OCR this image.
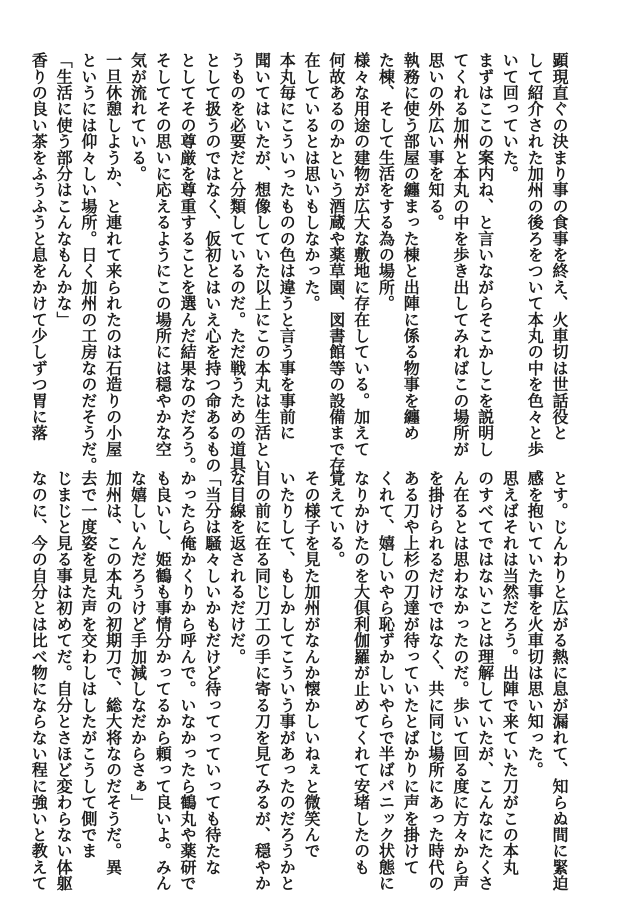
顕現直ぐの決まり事の食事を終え、火車切は世話役と

して紹介された加州の後ろをついて本丸の中を色々と歩

いて回っていた。

まずはここの案内ね、と言いながらそこかしこを説明し

てくれる加州と本丸の中を歩き出してみればこの場所が

思いの外広い事を知る。

執務に使う部屋の纏まった棟と出陣に係る物事を纏め

た棟、そして生活をする為の場所。

様々な用途の建物が広大な敷地に存在している。加えて

何故あるのかという酒蔵や薬草園、図書館等の設備まで存

在しているとは思いもしなかった。

本丸毎にこういったものの色は違うと言う事を事前に

聞いてはいたが、想像していた以上にこの本丸は生活とい

うものを必要だと分類しているのだ。ただ戦うための道具

として扱うのではなく、仮初とはいえ心を持つ命あるもの

としてその尊厳を尊重することを選んだ結果なのだろう。

そしてその思いに応えるようにこの場所には穏やかな空

気が流れている。

一旦休憩しようか、と連れて来られたのは石造りの小屋

というには仰々しい場所。日く加州の工房なのだそうだ。

「生活に使う部分はこんなもんかな」

香りの良い茶をふうふうと息をかけて少しずつ胃に落

とす。じんわりと広がる熱に息が漏れて、知らぬ間に緊迫

感を抱いていた事を火車切は思い知った。

思えばそれは当然だろう。出陣で来ていた刀がこの本丸

のすべてではないことは理解していたが、こんなにたくさ

ん在るとは思わなかったのだ。歩いて回る度に方々から声

を掛けられるだけではなく、共に同じ場所にあった時代の

ある刀や上杉の刀達が待っていたとばかりに声を掛けて

くれて、嬉しいやら恥ずかしいやらで半ばパニック状態に

なりかけたのを大倶利伽羅が止めてくれて安堵したのも

覚えている。

その様子を見た加州がなんか懐かしいねぇと微笑んで

いたりして、もしかしてこういう事があったのだろうかと

目の前に在る同じ刀工の手に寄る刀を見てみるが、穏やか

な目線を返されるだけだ。

「当分は騒々しいかもだけど待ってっていっても待たな

かったら俺かくりから呼んで。いなかったら鶴丸や薬研で

も良いし、姫鶴も事情分かってるから頼って良いよ。みん

な嬉しいんだろうけど手加減しなだからさぁ」

加州は、この本丸の初期刀で、総大将なのだそうだ。異

去で一度姿を見た声を交わしはしたがこうして側でま

じまじと見る事は初めてだ。自分とさほど変わらない体躯

なのに、今の自分とは比べ物にならない程に強いと教えて
